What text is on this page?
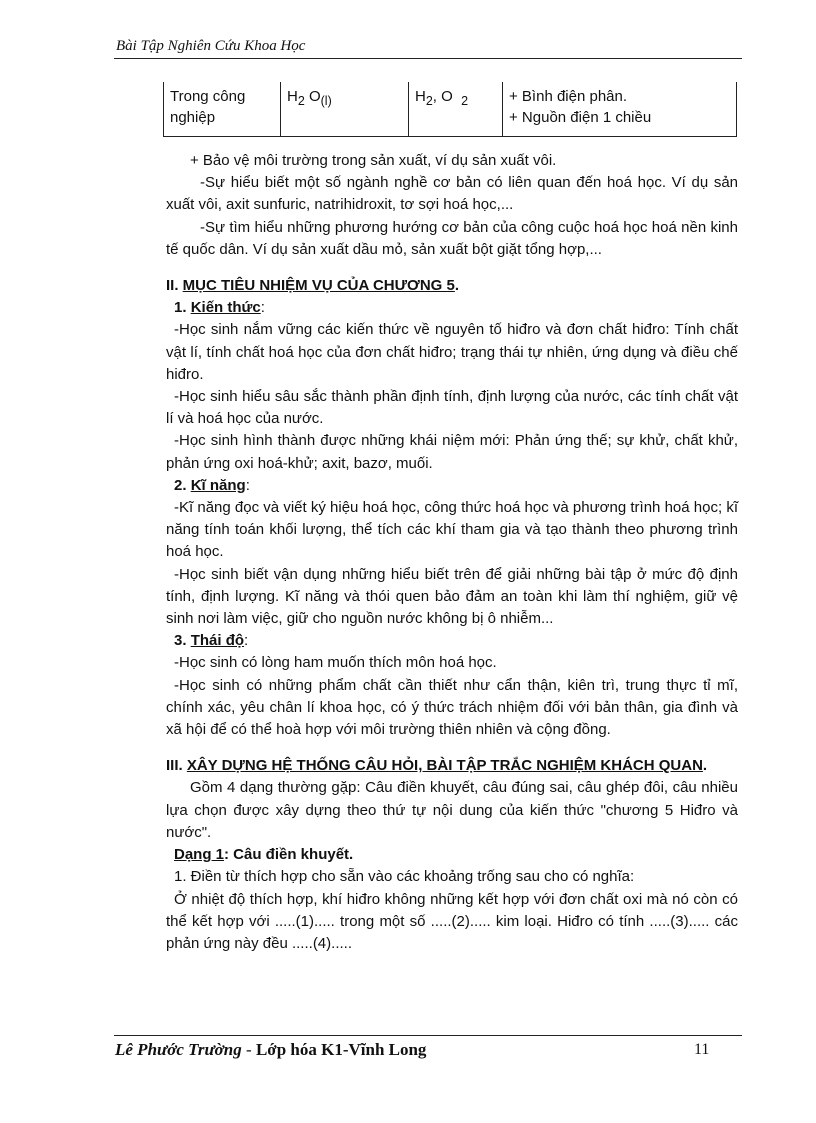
Bài Tập Nghiên Cứu Khoa Học
Trong công
nghiệp
	$H_2$ $O_{(l)}$	$H_2$, O $_2$	+ Bình điện phân.
+ Nguồn điện 1 chiều

+ Bảo vệ môi trường trong sản xuất, ví dụ sản xuất vôi.

-Sự hiểu biết một số ngành nghề cơ bản có liên quan đến hoá học. Ví dụ sản xuất vôi, axit sunfuric, natrihidroxit, tơ sợi hoá học,...

-Sự tìm hiểu những phương hướng cơ bản của công cuộc hoá học hoá nền kinh tế quốc dân. Ví dụ sản xuất dầu mỏ, sản xuất bột giặt tổng hợp,...

II. MỤC TIÊU NHIỆM VỤ CỦA CHƯƠNG 5.

1. Kiến thức:

-Học sinh nắm vững các kiến thức về nguyên tố hiđro và đơn chất hiđro: Tính chất vật lí, tính chất hoá học của đơn chất hiđro; trạng thái tự nhiên, ứng dụng và điều chế hiđro.

-Học sinh hiểu sâu sắc thành phần định tính, định lượng của nước, các tính chất vật lí và hoá học của nước.

-Học sinh hình thành được những khái niệm mới: Phản ứng thế; sự khử, chất khử, phản ứng oxi hoá-khử; axit, bazơ, muối.

2. Kĩ năng:

-Kĩ năng đọc và viết ký hiệu hoá học, công thức hoá học và phương trình hoá học; kĩ năng tính toán khối lượng, thể tích các khí tham gia và tạo thành theo phương trình hoá học.

-Học sinh biết vận dụng những hiểu biết trên để giải những bài tập ở mức độ định tính, định lượng. Kĩ năng và thói quen bảo đảm an toàn khi làm thí nghiệm, giữ vệ sinh nơi làm việc, giữ cho nguồn nước không bị ô nhiễm...

3. Thái độ:

-Học sinh có lòng ham muốn thích môn hoá học.

-Học sinh có những phẩm chất cần thiết như cẩn thận, kiên trì, trung thực tỉ mĩ, chính xác, yêu chân lí khoa học, có ý thức trách nhiệm đối với bản thân, gia đình và xã hội để có thể hoà hợp với môi trường thiên nhiên và cộng đồng.

III. XÂY DỰNG HỆ THỐNG CÂU HỎI, BÀI TẬP TRẮC NGHIỆM KHÁCH QUAN.

Gồm 4 dạng thường gặp: Câu điền khuyết, câu đúng sai, câu ghép đôi, câu nhiều lựa chọn được xây dựng theo thứ tự nội dung của kiến thức "chương 5 Hiđro và nước".

Dạng 1: Câu điền khuyết.

1. Điền từ thích hợp cho sẵn vào các khoảng trống sau cho có nghĩa:

Ở nhiệt độ thích hợp, khí hiđro không những kết hợp với đơn chất oxi mà nó còn có thể kết hợp với .....(1)..... trong một số .....(2)..... kim loại. Hiđro có tính .....(3)..... các phản ứng này đều .....(4).....

Lê Phước Trường - Lớp hóa K1-Vĩnh Long	11
